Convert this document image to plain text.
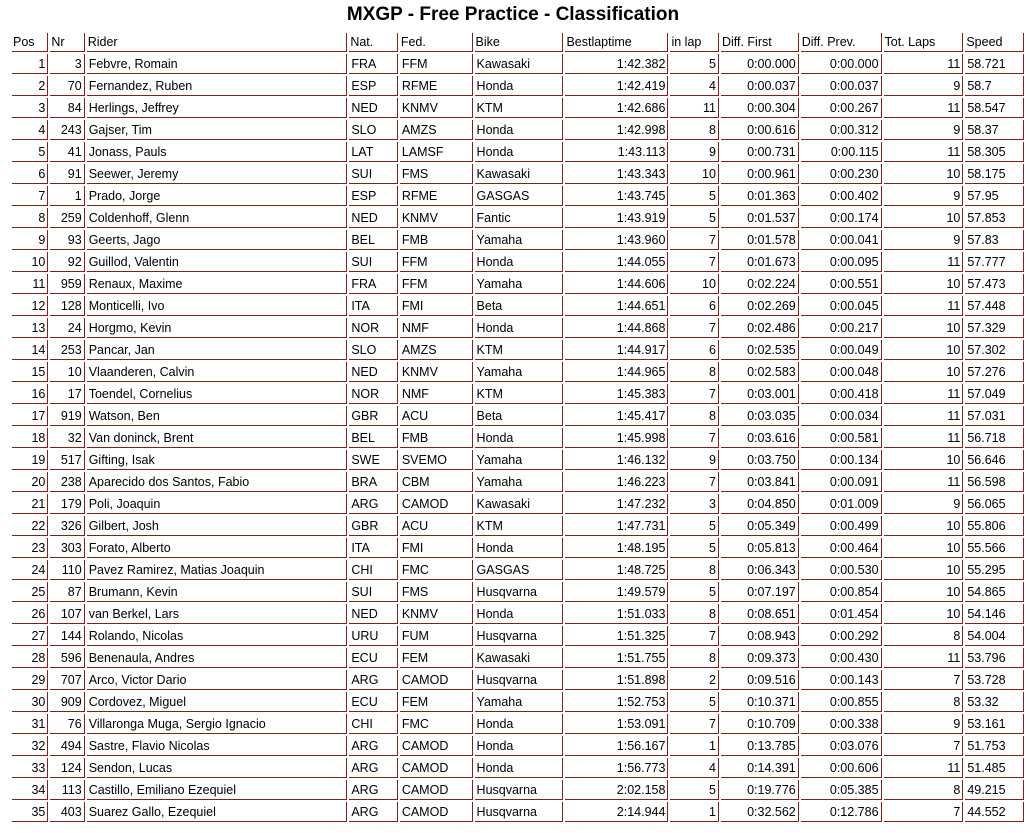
MXGP - Free Practice - Classification
Pos	Nr	Rider	Nat.	Fed.	Bike	Bestlaptime	in lap	Diff. First	Diff. Prev.	Tot. Laps	Speed
1	3	Febvre, Romain	FRA	FFM	Kawasaki	1:42.382	5	0:00.000	0:00.000	11	58.721
2	70	Fernandez, Ruben	ESP	RFME	Honda	1:42.419	4	0:00.037	0:00.037	9	58.7
3	84	Herlings, Jeffrey	NED	KNMV	KTM	1:42.686	11	0:00.304	0:00.267	11	58.547
4	243	Gajser, Tim	SLO	AMZS	Honda	1:42.998	8	0:00.616	0:00.312	9	58.37
5	41	Jonass, Pauls	LAT	LAMSF	Honda	1:43.113	9	0:00.731	0:00.115	11	58.305
6	91	Seewer, Jeremy	SUI	FMS	Kawasaki	1:43.343	10	0:00.961	0:00.230	10	58.175
7	1	Prado, Jorge	ESP	RFME	GASGAS	1:43.745	5	0:01.363	0:00.402	9	57.95
8	259	Coldenhoff, Glenn	NED	KNMV	Fantic	1:43.919	5	0:01.537	0:00.174	10	57.853
9	93	Geerts, Jago	BEL	FMB	Yamaha	1:43.960	7	0:01.578	0:00.041	9	57.83
10	92	Guillod, Valentin	SUI	FFM	Honda	1:44.055	7	0:01.673	0:00.095	11	57.777
11	959	Renaux, Maxime	FRA	FFM	Yamaha	1:44.606	10	0:02.224	0:00.551	10	57.473
12	128	Monticelli, Ivo	ITA	FMI	Beta	1:44.651	6	0:02.269	0:00.045	11	57.448
13	24	Horgmo, Kevin	NOR	NMF	Honda	1:44.868	7	0:02.486	0:00.217	10	57.329
14	253	Pancar, Jan	SLO	AMZS	KTM	1:44.917	6	0:02.535	0:00.049	10	57.302
15	10	Vlaanderen, Calvin	NED	KNMV	Yamaha	1:44.965	8	0:02.583	0:00.048	10	57.276
16	17	Toendel, Cornelius	NOR	NMF	KTM	1:45.383	7	0:03.001	0:00.418	11	57.049
17	919	Watson, Ben	GBR	ACU	Beta	1:45.417	8	0:03.035	0:00.034	11	57.031
18	32	Van doninck, Brent	BEL	FMB	Honda	1:45.998	7	0:03.616	0:00.581	11	56.718
19	517	Gifting, Isak	SWE	SVEMO	Yamaha	1:46.132	9	0:03.750	0:00.134	10	56.646
20	238	Aparecido dos Santos, Fabio	BRA	CBM	Yamaha	1:46.223	7	0:03.841	0:00.091	11	56.598
21	179	Poli, Joaquin	ARG	CAMOD	Kawasaki	1:47.232	3	0:04.850	0:01.009	9	56.065
22	326	Gilbert, Josh	GBR	ACU	KTM	1:47.731	5	0:05.349	0:00.499	10	55.806
23	303	Forato, Alberto	ITA	FMI	Honda	1:48.195	5	0:05.813	0:00.464	10	55.566
24	110	Pavez Ramirez, Matias Joaquin	CHI	FMC	GASGAS	1:48.725	8	0:06.343	0:00.530	10	55.295
25	87	Brumann, Kevin	SUI	FMS	Husqvarna	1:49.579	5	0:07.197	0:00.854	10	54.865
26	107	van Berkel, Lars	NED	KNMV	Honda	1:51.033	8	0:08.651	0:01.454	10	54.146
27	144	Rolando, Nicolas	URU	FUM	Husqvarna	1:51.325	7	0:08.943	0:00.292	8	54.004
28	596	Benenaula, Andres	ECU	FEM	Kawasaki	1:51.755	8	0:09.373	0:00.430	11	53.796
29	707	Arco, Victor Dario	ARG	CAMOD	Husqvarna	1:51.898	2	0:09.516	0:00.143	7	53.728
30	909	Cordovez, Miguel	ECU	FEM	Yamaha	1:52.753	5	0:10.371	0:00.855	8	53.32
31	76	Villaronga Muga, Sergio Ignacio	CHI	FMC	Honda	1:53.091	7	0:10.709	0:00.338	9	53.161
32	494	Sastre, Flavio Nicolas	ARG	CAMOD	Honda	1:56.167	1	0:13.785	0:03.076	7	51.753
33	124	Sendon, Lucas	ARG	CAMOD	Honda	1:56.773	4	0:14.391	0:00.606	11	51.485
34	113	Castillo, Emiliano Ezequiel	ARG	CAMOD	Husqvarna	2:02.158	5	0:19.776	0:05.385	8	49.215
35	403	Suarez Gallo, Ezequiel	ARG	CAMOD	Husqvarna	2:14.944	1	0:32.562	0:12.786	7	44.552
